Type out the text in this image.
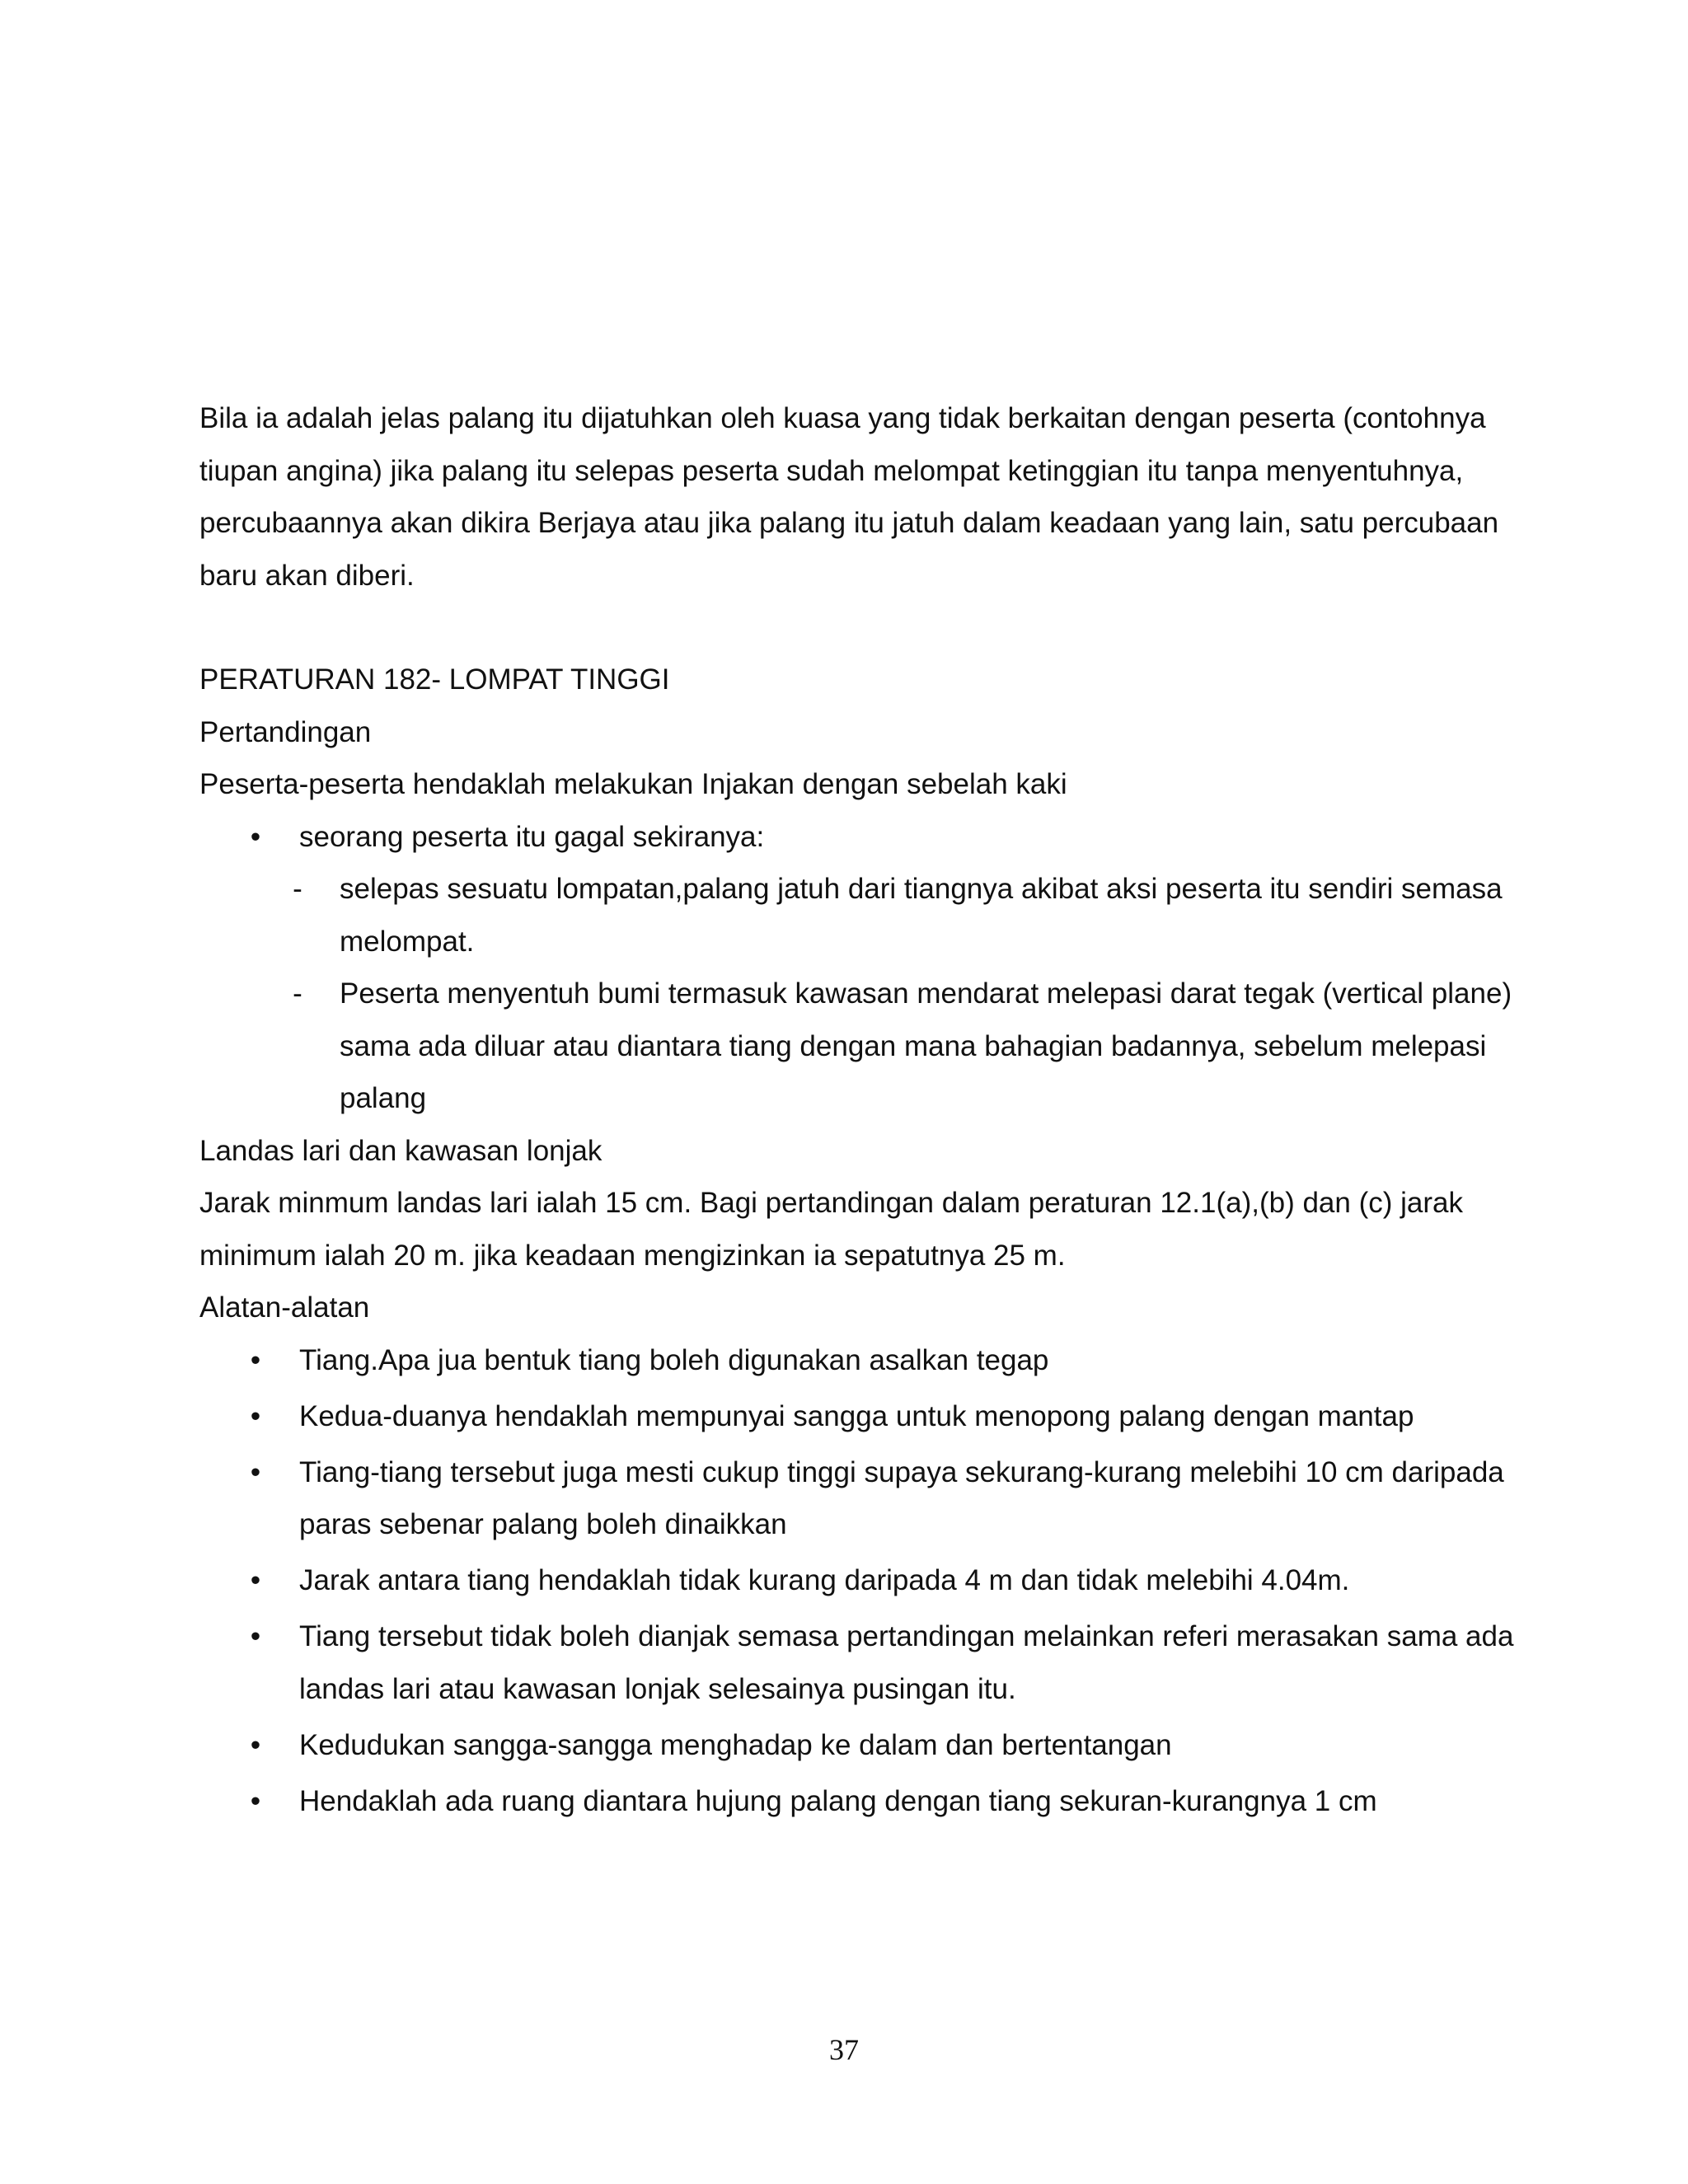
Bila ia adalah jelas palang itu dijatuhkan oleh kuasa yang tidak berkaitan dengan peserta (contohnya tiupan angina) jika palang itu selepas peserta sudah melompat ketinggian itu tanpa menyentuhnya, percubaannya akan dikira Berjaya atau jika palang itu jatuh dalam keadaan yang lain, satu percubaan baru akan diberi.

PERATURAN 182- LOMPAT TINGGI

Pertandingan

Peserta-peserta hendaklah melakukan Injakan dengan sebelah kaki

• seorang peserta itu gagal sekiranya:
- selepas sesuatu lompatan,palang jatuh dari tiangnya akibat aksi peserta itu sendiri semasa melompat.
- Peserta menyentuh bumi termasuk kawasan mendarat melepasi darat tegak (vertical plane) sama ada diluar atau diantara tiang dengan mana bahagian badannya, sebelum melepasi palang

Landas lari dan kawasan lonjak

Jarak minmum landas lari ialah 15 cm. Bagi pertandingan dalam peraturan 12.1(a),(b) dan (c) jarak minimum ialah 20 m. jika keadaan mengizinkan ia sepatutnya 25 m.

Alatan-alatan

• Tiang.Apa jua bentuk tiang boleh digunakan asalkan tegap
• Kedua-duanya hendaklah mempunyai sangga untuk menopong palang dengan mantap
• Tiang-tiang tersebut juga mesti cukup tinggi supaya sekurang-kurang melebihi 10 cm daripada paras sebenar palang boleh dinaikkan
• Jarak antara tiang hendaklah tidak kurang daripada 4 m dan tidak melebihi 4.04m.
• Tiang tersebut tidak boleh dianjak semasa pertandingan melainkan referi merasakan sama ada landas lari atau kawasan lonjak selesainya pusingan itu.
• Kedudukan sangga-sangga menghadap ke dalam dan bertentangan
• Hendaklah ada ruang diantara hujung palang dengan tiang sekuran-kurangnya 1 cm
37
